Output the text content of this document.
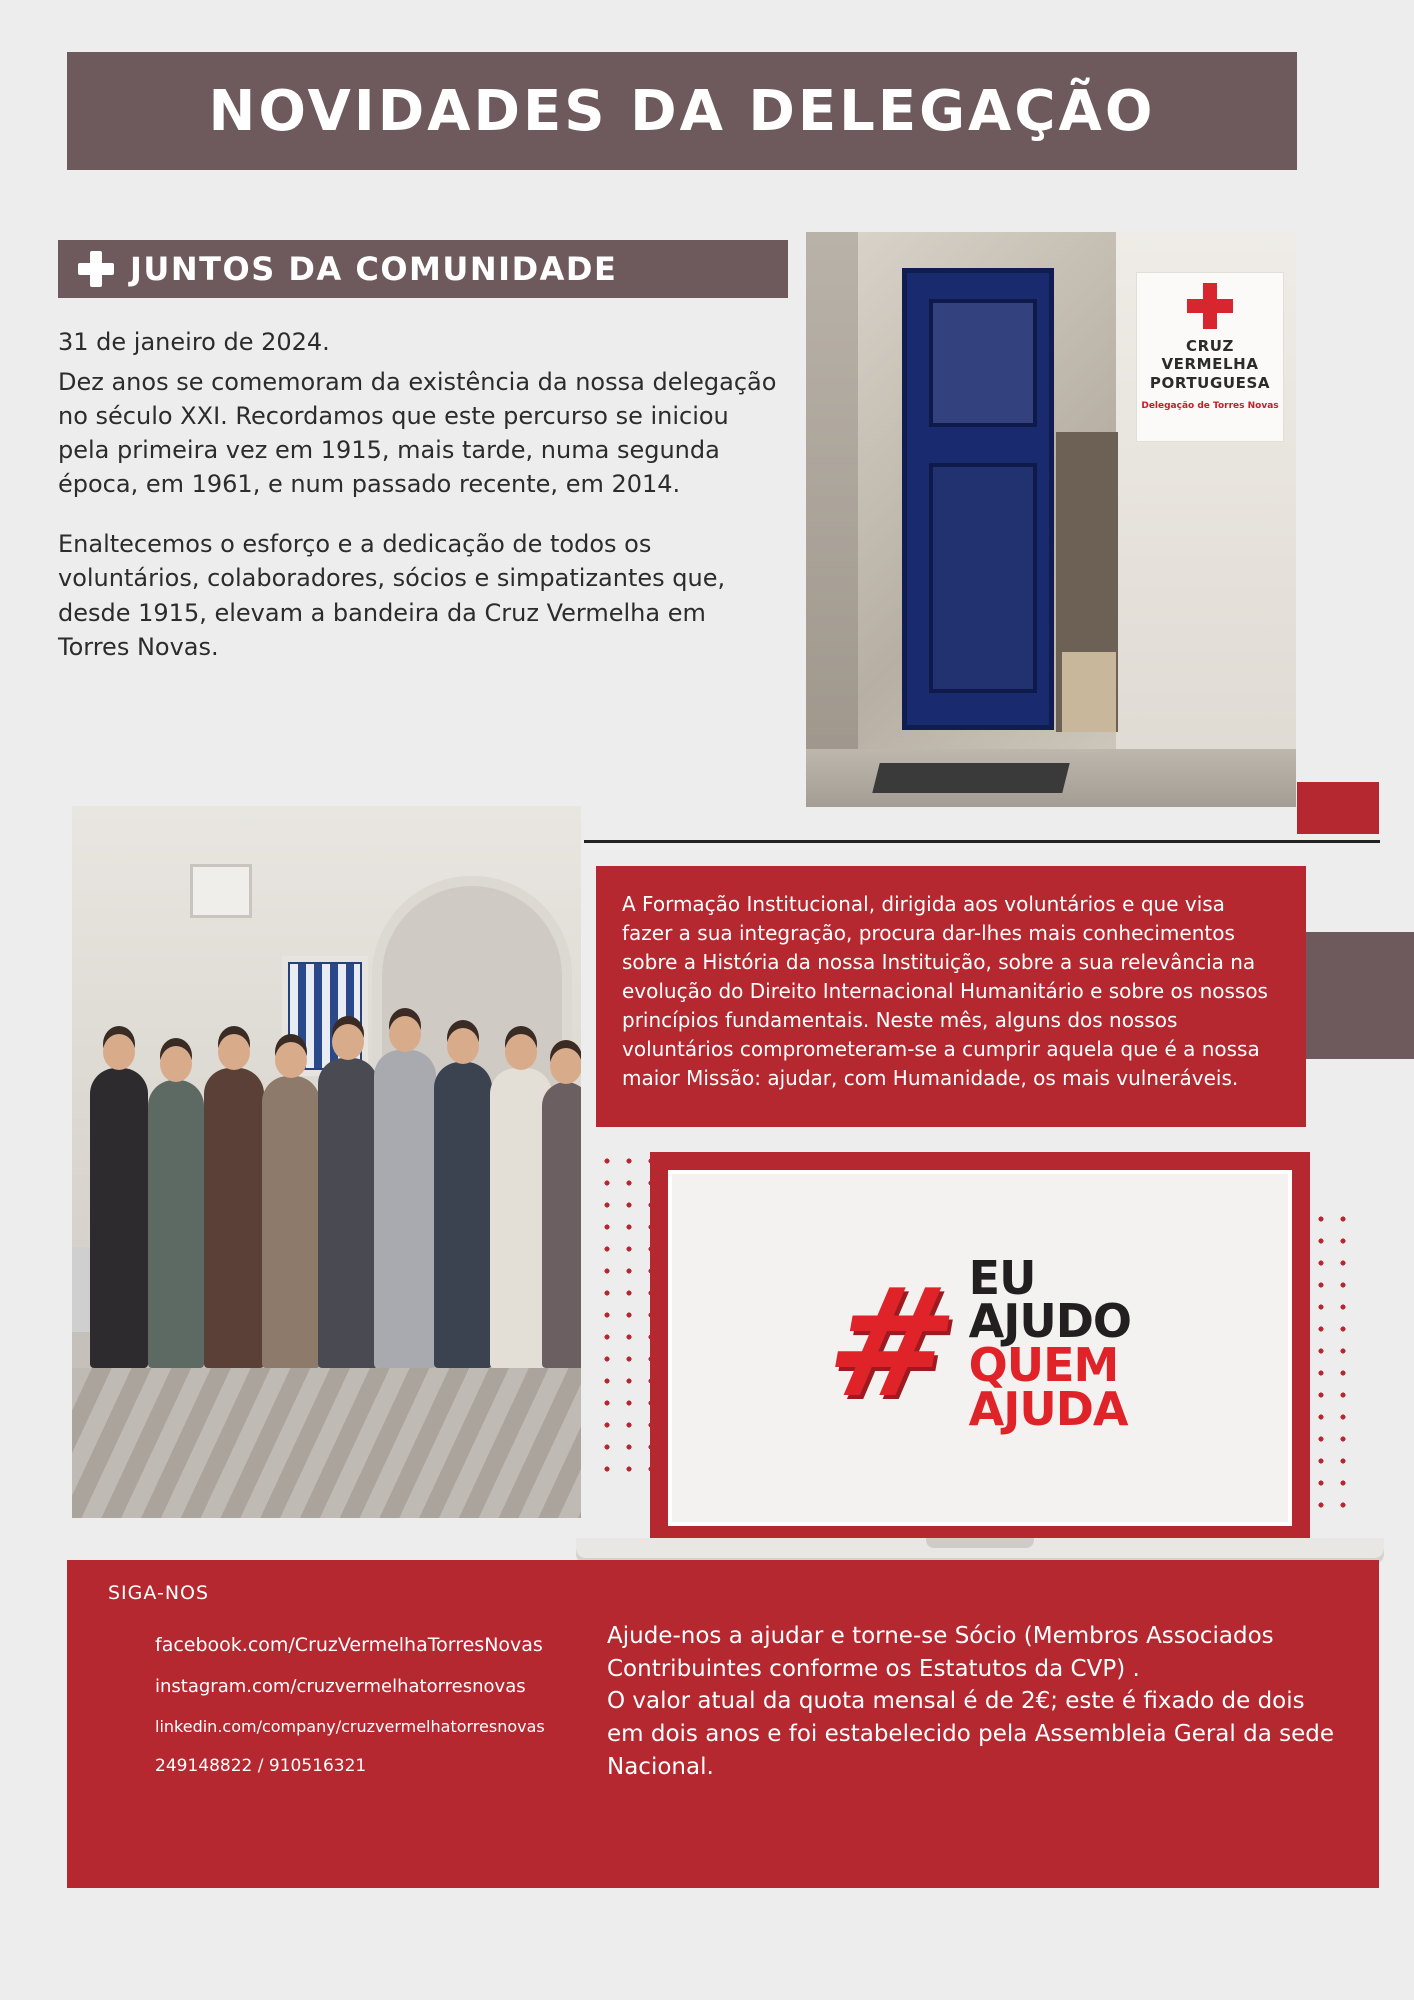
NOVIDADES DA DELEGAÇÃO
JUNTOS DA COMUNIDADE

31 de janeiro de 2024.

Dez anos se comemoram da existência da nossa delegação no século XXI. Recordamos que este percurso se iniciou pela primeira vez em 1915, mais tarde, numa segunda época, em 1961, e num passado recente, em 2014.

Enaltecemos o esforço e a dedicação de todos os voluntários, colaboradores, sócios e simpatizantes que, desde 1915, elevam a bandeira da Cruz Vermelha em Torres Novas.

CRUZ
VERMELHA
PORTUGUESA
Delegação de Torres Novas
A Formação Institucional, dirigida aos voluntários e que visa fazer a sua integração, procura dar-lhes mais conhecimentos sobre a História da nossa Instituição, sobre a sua relevância na evolução do Direito Internacional Humanitário e sobre os nossos princípios fundamentais. Neste mês, alguns dos nossos voluntários comprometeram-se a cumprir aquela que é a nossa maior Missão: ajudar, com Humanidade, os mais vulneráveis.
#
EU
AJUDO
QUEM
AJUDA
SIGA-NOS
facebook.com/CruzVermelhaTorresNovas
instagram.com/cruzvermelhatorresnovas
linkedin.com/company/cruzvermelhatorresnovas
249148822 / 910516321

Ajude-nos a ajudar e torne-se Sócio (Membros Associados Contribuintes conforme os Estatutos da CVP) .

O valor atual da quota mensal é de 2€; este é fixado de dois em dois anos e foi estabelecido pela Assembleia Geral da sede Nacional.
